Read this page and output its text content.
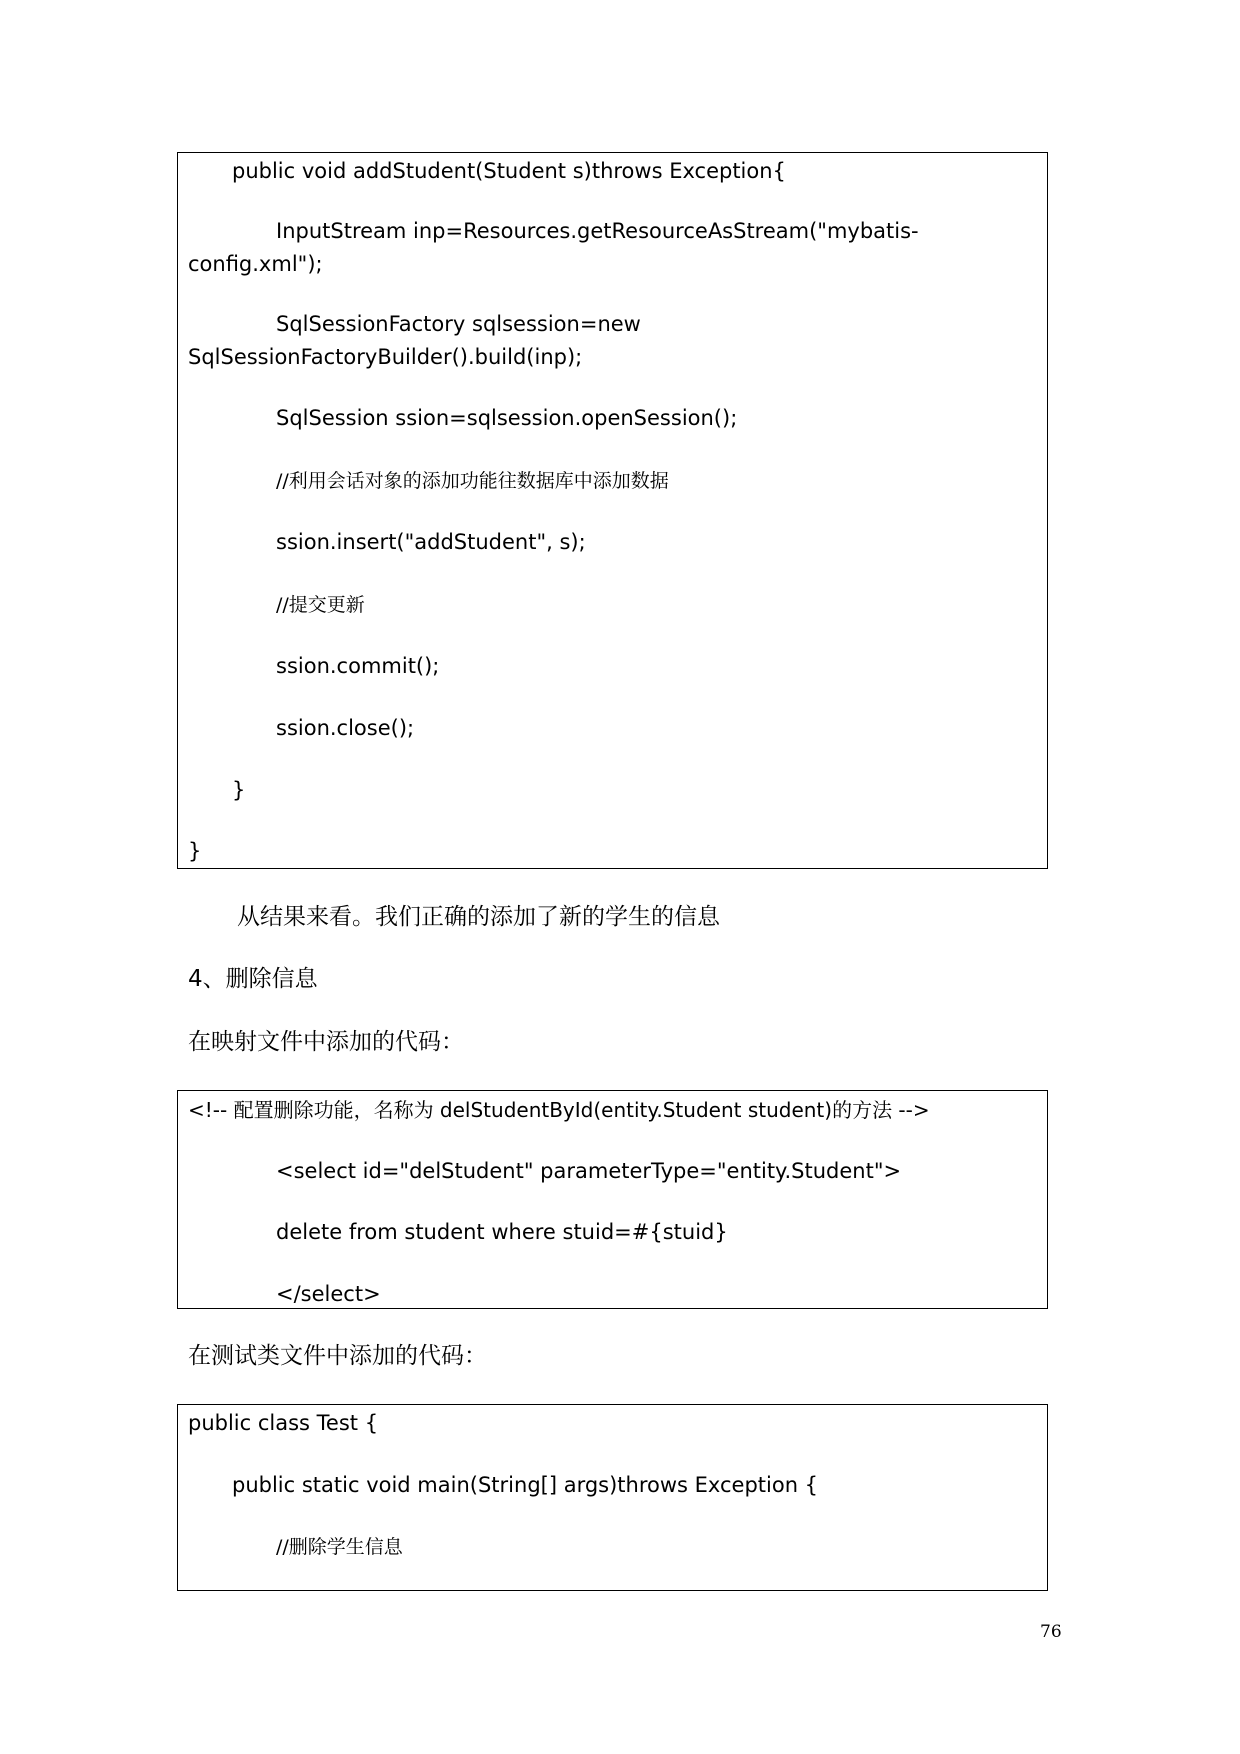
public void addStudent(Student s)throws Exception{
InputStream inp=Resources.getResourceAsStream("mybatis-
config.xml");
SqlSessionFactory sqlsession=new
SqlSessionFactoryBuilder().build(inp);
SqlSession ssion=sqlsession.openSession();
//利用会话对象的添加功能往数据库中添加数据
ssion.insert("addStudent", s);
//提交更新
ssion.commit();
ssion.close();
}
}
从结果来看。我们正确的添加了新的学生的信息
4、删除信息
在映射文件中添加的代码：
<!-- 配置删除功能，名称为 delStudentById(entity.Student student)的方法 -->
<select id="delStudent" parameterType="entity.Student">
delete from student where stuid=#{stuid}
</select>
在测试类文件中添加的代码：
public class Test {
public static void main(String[] args)throws Exception {
//删除学生信息
76
